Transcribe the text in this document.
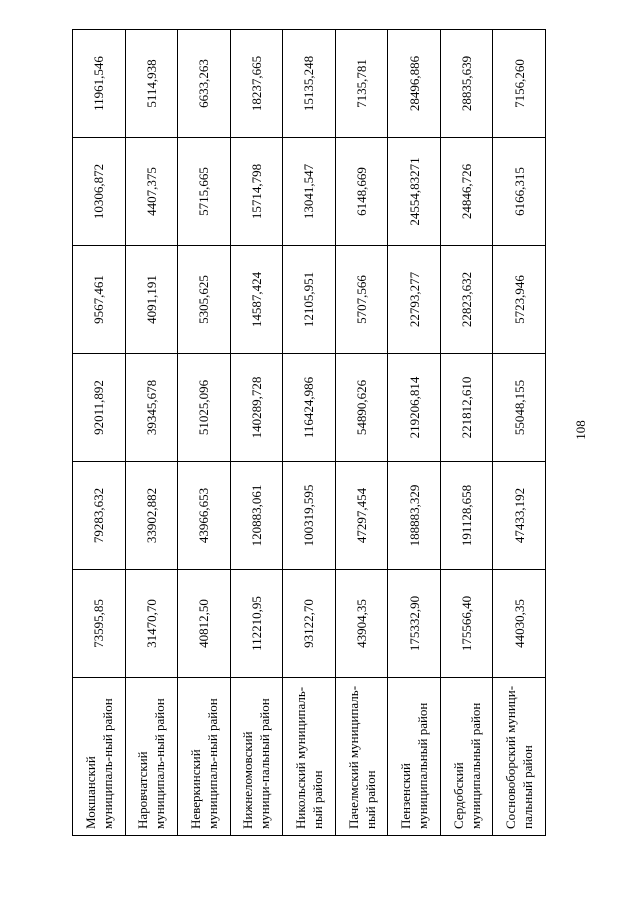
Мокшанский муниципаль-ный район	73595,85	79283,632	92011,892	9567,461	10306,872	11961,546
Наровчатский муниципаль-ный район	31470,70	33902,882	39345,678	4091,191	4407,375	5114,938
Неверкинский муниципаль-ный район	40812,50	43966,653	51025,096	5305,625	5715,665	6633,263
Нижнеломовский муници-пальный район	112210,95	120883,061	140289,728	14587,424	15714,798	18237,665
Никольский муниципаль-ный район	93122,70	100319,595	116424,986	12105,951	13041,547	15135,248
Пачелмский муниципаль-ный район	43904,35	47297,454	54890,626	5707,566	6148,669	7135,781
Пензенский муниципальный район	175332,90	188883,329	219206,814	22793,277	24554,83271	28496,886
Сердобский муниципальный район	175566,40	191128,658	221812,610	22823,632	24846,726	28835,639
Сосновоборский муници-пальный район	44030,35	47433,192	55048,155	5723,946	6166,315	7156,260
108
